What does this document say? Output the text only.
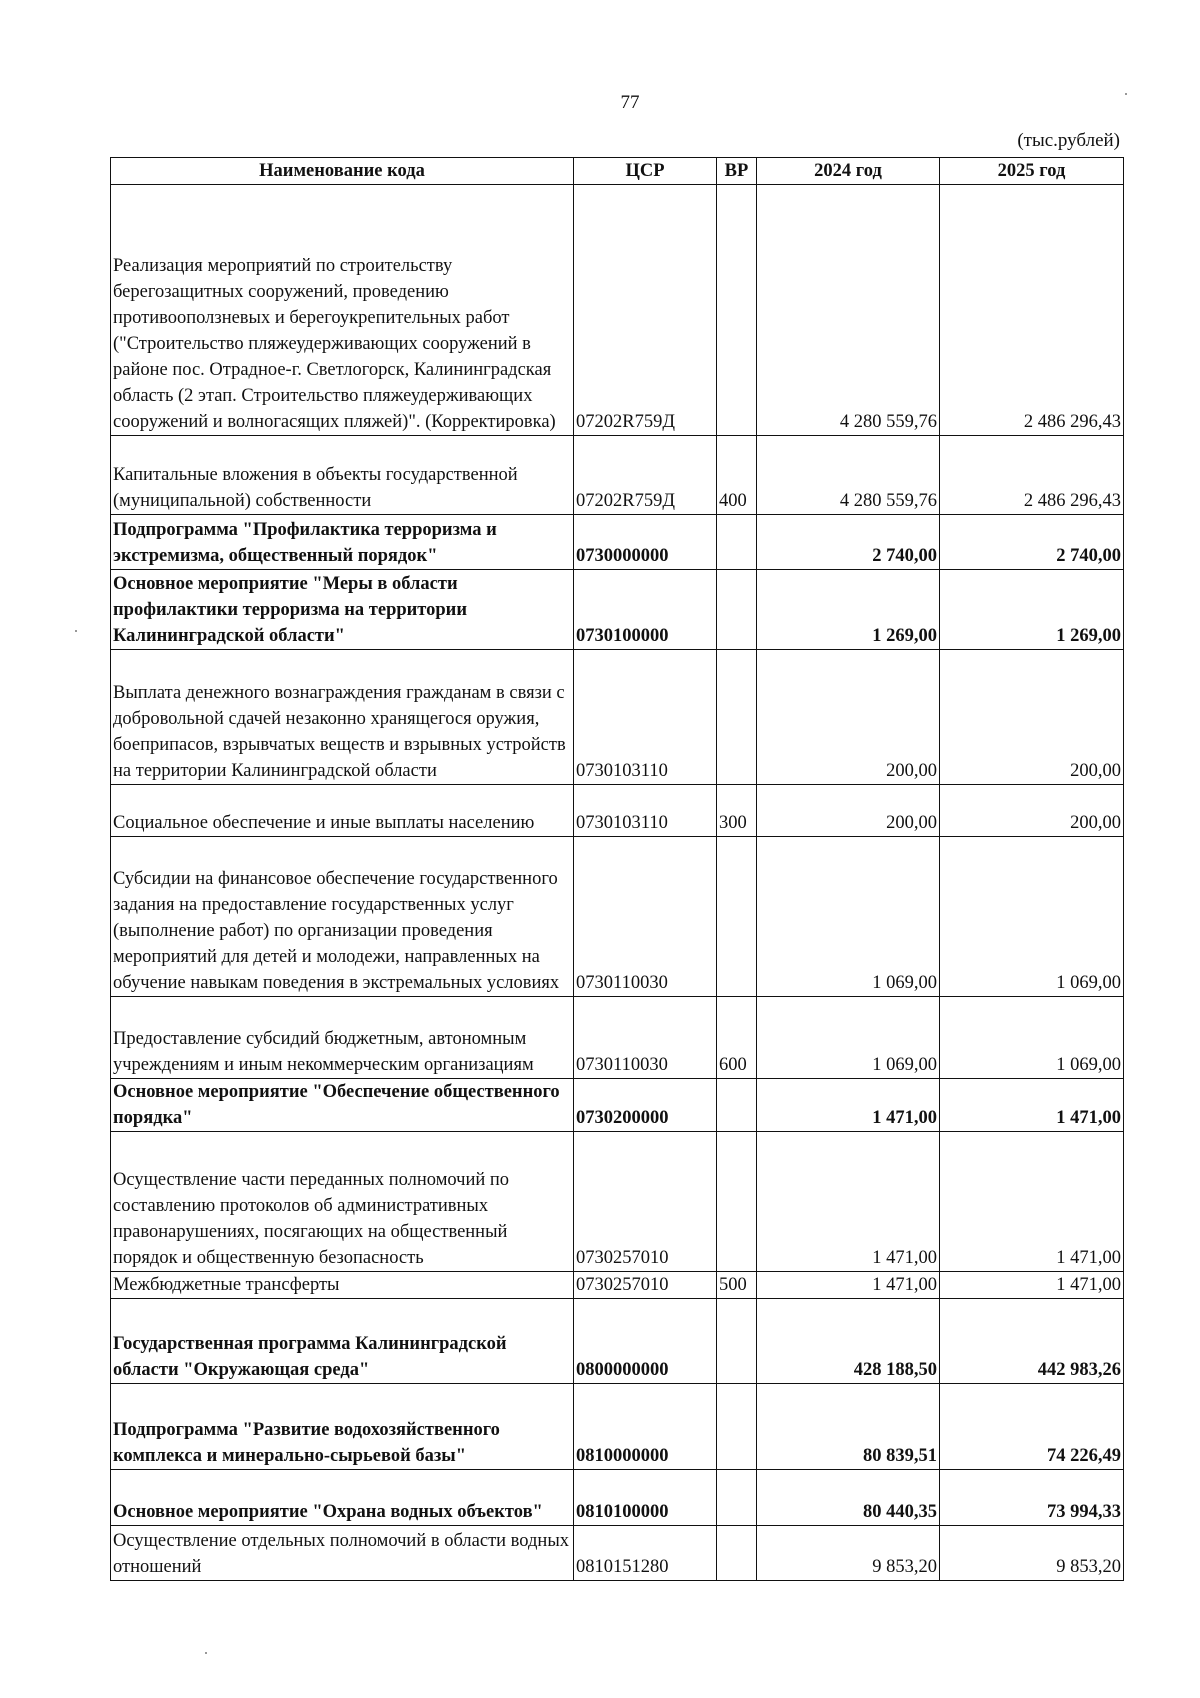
77
(тыс.рублей)
Наименование кода	ЦСР	ВР	2024 год	2025 год
Реализация мероприятий по строительству берегозащитных сооружений, проведению противооползневых и берегоукрепительных работ ("Строительство пляжеудерживающих сооружений в районе пос. Отрадное-г. Светлогорск, Калининградская область (2 этап. Строительство пляжеудерживающих сооружений и волногасящих пляжей)". (Корректировка)	07202R759Д		4 280 559,76	2 486 296,43
Капитальные вложения в объекты государственной (муниципальной) собственности	07202R759Д	400	4 280 559,76	2 486 296,43
Подпрограмма "Профилактика терроризма и экстремизма, общественный порядок"	0730000000		2 740,00	2 740,00
Основное мероприятие "Меры в области профилактики терроризма на территории Калининградской области"	0730100000		1 269,00	1 269,00
Выплата денежного вознаграждения гражданам в связи с добровольной сдачей незаконно хранящегося оружия, боеприпасов, взрывчатых веществ и взрывных устройств на территории Калининградской области	0730103110		200,00	200,00
Социальное обеспечение и иные выплаты населению	0730103110	300	200,00	200,00
Субсидии на финансовое обеспечение государственного задания на предоставление государственных услуг (выполнение работ) по организации проведения мероприятий для детей и молодежи, направленных на обучение навыкам поведения в экстремальных условиях	0730110030		1 069,00	1 069,00
Предоставление субсидий бюджетным, автономным учреждениям и иным некоммерческим организациям	0730110030	600	1 069,00	1 069,00
Основное мероприятие "Обеспечение общественного порядка"	0730200000		1 471,00	1 471,00
Осуществление части переданных полномочий по составлению протоколов об административных правонарушениях, посягающих на общественный порядок и общественную безопасность	0730257010		1 471,00	1 471,00
Межбюджетные трансферты	0730257010	500	1 471,00	1 471,00
Государственная программа Калининградской области "Окружающая среда"	0800000000		428 188,50	442 983,26
Подпрограмма "Развитие водохозяйственного комплекса и минерально-сырьевой базы"	0810000000		80 839,51	74 226,49
Основное мероприятие "Охрана водных объектов"	0810100000		80 440,35	73 994,33
Осуществление отдельных полномочий в области водных отношений	0810151280		9 853,20	9 853,20
